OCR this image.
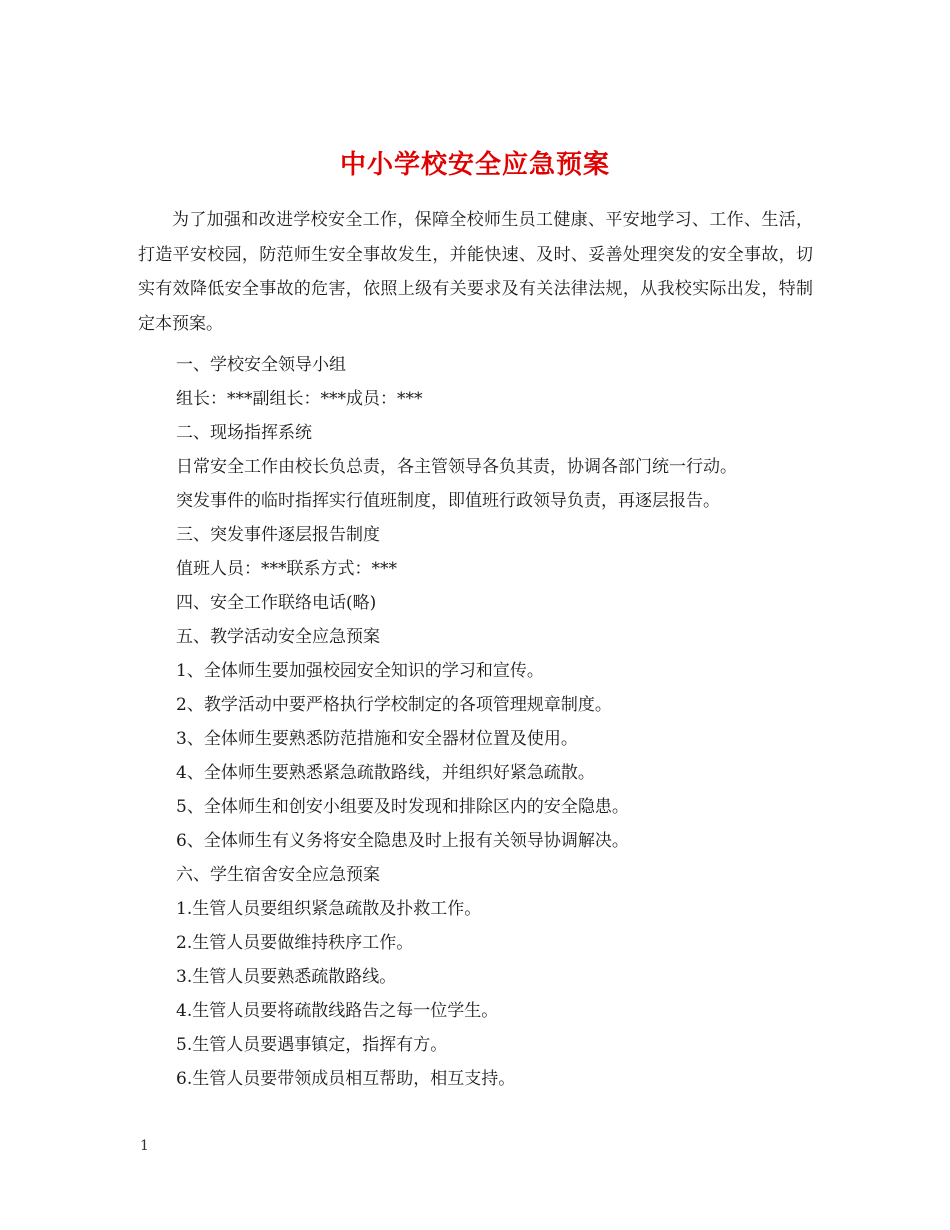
中小学校安全应急预案

为了加强和改进学校安全工作，保障全校师生员工健康、平安地学习、工作、生活，打造平安校园，防范师生安全事故发生，并能快速、及时、妥善处理突发的安全事故，切实有效降低安全事故的危害，依照上级有关要求及有关法律法规，从我校实际出发，特制定本预案。

一、学校安全领导小组
组长：***副组长：***成员：***
二、现场指挥系统
日常安全工作由校长负总责，各主管领导各负其责，协调各部门统一行动。
突发事件的临时指挥实行值班制度，即值班行政领导负责，再逐层报告。
三、突发事件逐层报告制度
值班人员：***联系方式：***
四、安全工作联络电话(略)
五、教学活动安全应急预案
1、全体师生要加强校园安全知识的学习和宣传。
2、教学活动中要严格执行学校制定的各项管理规章制度。
3、全体师生要熟悉防范措施和安全器材位置及使用。
4、全体师生要熟悉紧急疏散路线，并组织好紧急疏散。
5、全体师生和创安小组要及时发现和排除区内的安全隐患。
6、全体师生有义务将安全隐患及时上报有关领导协调解决。
六、学生宿舍安全应急预案
1.生管人员要组织紧急疏散及扑救工作。
2.生管人员要做维持秩序工作。
3.生管人员要熟悉疏散路线。
4.生管人员要将疏散线路告之每一位学生。
5.生管人员要遇事镇定，指挥有方。
6.生管人员要带领成员相互帮助，相互支持。
1
